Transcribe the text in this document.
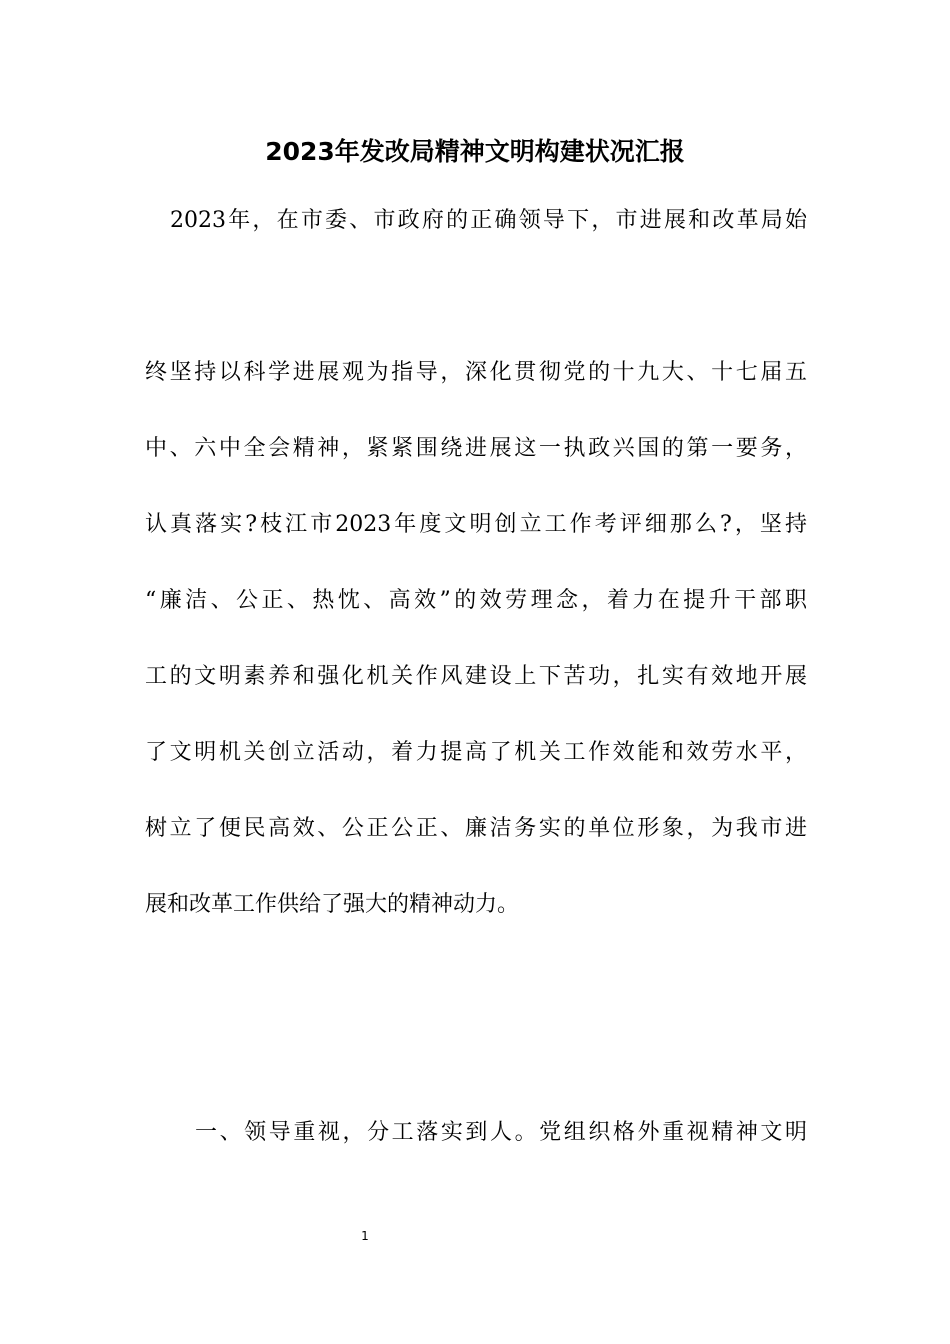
2023年发改局精神文明构建状况汇报
2023年，在市委、市政府的正确领导下，市进展和改革局始
终坚持以科学进展观为指导，深化贯彻党的十九大、十七届五
中、六中全会精神，紧紧围绕进展这一执政兴国的第一要务，
认真落实?枝江市2023年度文明创立工作考评细那么?，坚持
“廉洁、公正、热忱、高效”的效劳理念，着力在提升干部职
工的文明素养和强化机关作风建设上下苦功，扎实有效地开展
了文明机关创立活动，着力提高了机关工作效能和效劳水平，
树立了便民高效、公正公正、廉洁务实的单位形象，为我市进
展和改革工作供给了强大的精神动力。
一、领导重视，分工落实到人。党组织格外重视精神文明
1
